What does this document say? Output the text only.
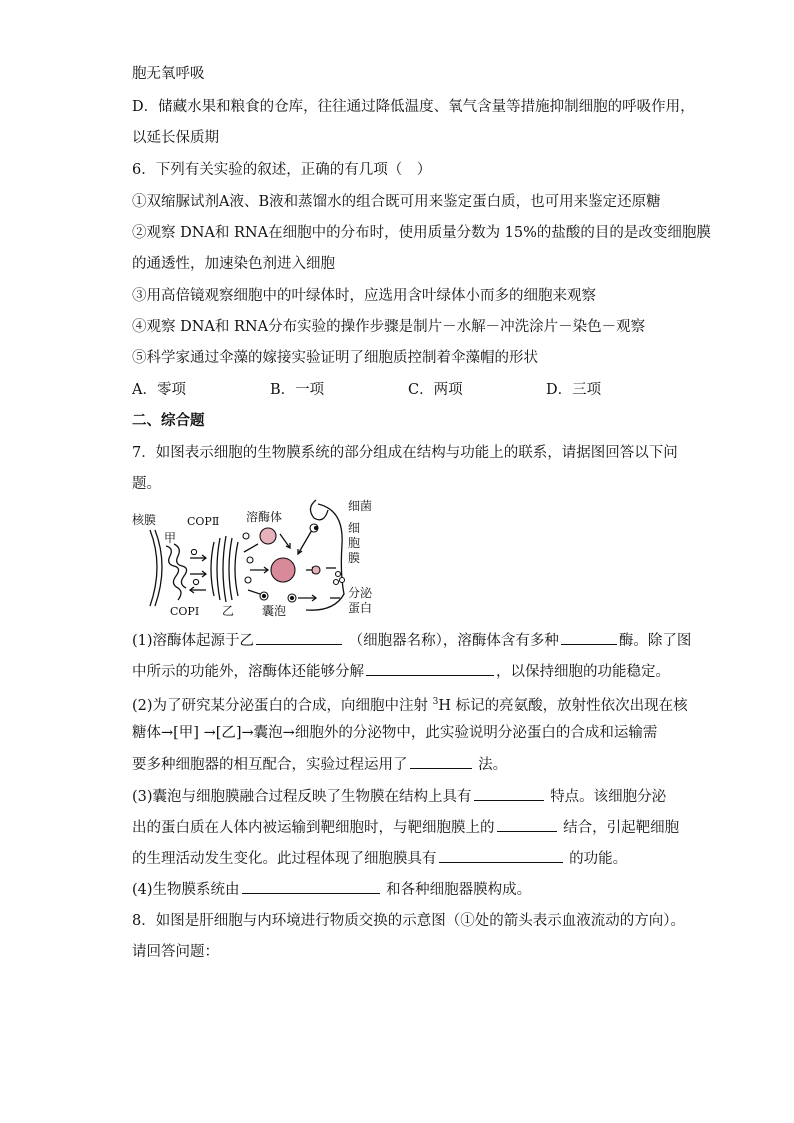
胞无氧呼吸
D．储藏水果和粮食的仓库，往往通过降低温度、氧气含量等措施抑制细胞的呼吸作用，
以延长保质期
6．下列有关实验的叙述，正确的有几项（　）
①双缩脲试剂A液、B液和蒸馏水的组合既可用来鉴定蛋白质，也可用来鉴定还原糖
②观察 DNA和 RNA在细胞中的分布时，使用质量分数为 15%的盐酸的目的是改变细胞膜
的通透性，加速染色剂进入细胞
③用高倍镜观察细胞中的叶绿体时，应选用含叶绿体小而多的细胞来观察
④观察 DNA和 RNA分布实验的操作步骤是制片－水解－冲洗涂片－染色－观察
⑤科学家通过伞藻的嫁接实验证明了细胞质控制着伞藻帽的形状
A．零项	B．一项	C．两项	D．三项
二、综合题
7．如图表示细胞的生物膜系统的部分组成在结构与功能上的联系，请据图回答以下问
题。
核膜	COPⅡ 溶酶体
细菌
甲
细
胞
膜
COPⅠ 乙 囊泡
分泌
蛋白
(1)溶酶体起源于乙	（细胞器名称），溶酶体含有多种	酶。除了图
中所示的功能外，溶酶体还能够分解	，以保持细胞的功能稳定。
(2)为了研究某分泌蛋白的合成，向细胞中注射 $^3$H 标记的亮氨酸，放射性依次出现在核
糖体→[甲] →[乙]→囊泡→细胞外的分泌物中，此实验说明分泌蛋白的合成和运输需
要多种细胞器的相互配合，实验过程运用了	法。
(3)囊泡与细胞膜融合过程反映了生物膜在结构上具有	特点。该细胞分泌
出的蛋白质在人体内被运输到靶细胞时，与靶细胞膜上的	结合，引起靶细胞
的生理活动发生变化。此过程体现了细胞膜具有	的功能。
(4)生物膜系统由	和各种细胞器膜构成。
8．如图是肝细胞与内环境进行物质交换的示意图（①处的箭头表示血液流动的方向）。
请回答问题：
